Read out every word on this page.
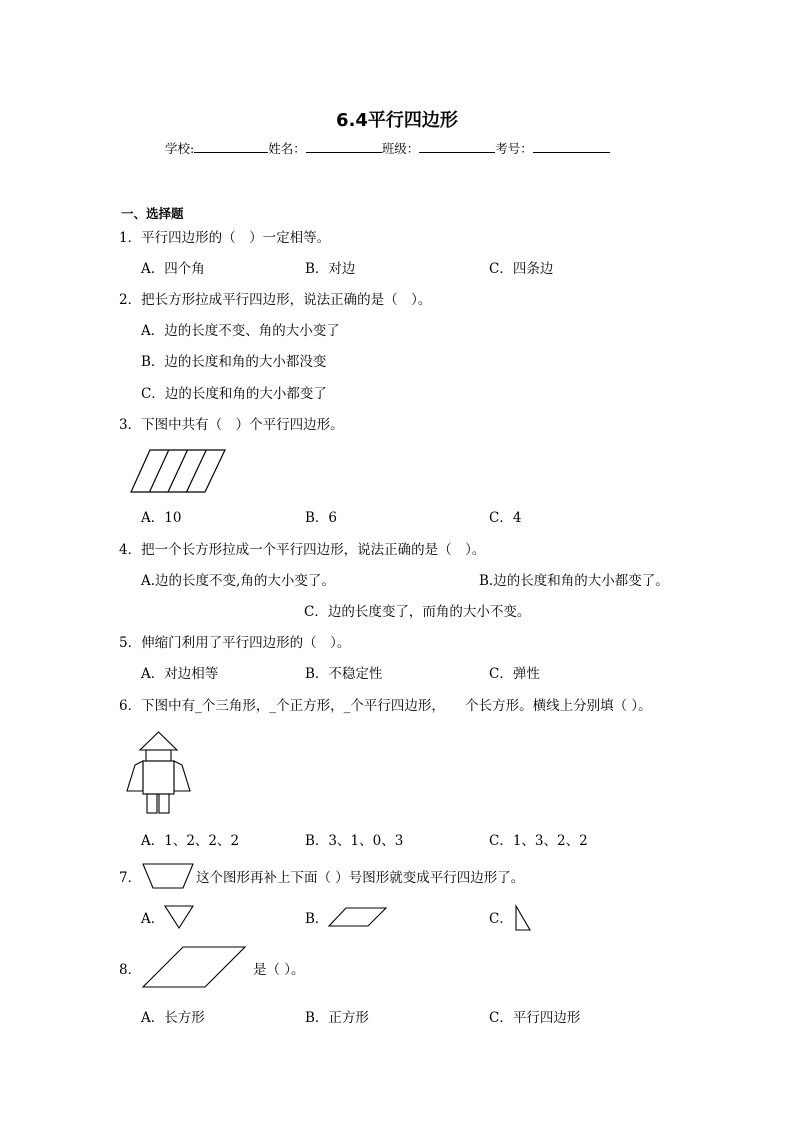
6.4平行四边形
学校:	姓名：	班级：	考号：
一、选择题
1．平行四边形的（　）一定相等。
A．四个角	B．对边	C．四条边
2．把长方形拉成平行四边形，说法正确的是（　）。
A．边的长度不变、角的大小变了
B．边的长度和角的大小都没变
C．边的长度和角的大小都变了
3．下图中共有（　）个平行四边形。
A．10	B．6	C．4
4．把一个长方形拉成一个平行四边形，说法正确的是（　）。
A.边的长度不变,角的大小变了。	B.边的长度和角的大小都变了。
C．边的长度变了，而角的大小不变。
5．伸缩门利用了平行四边形的（　）。
A．对边相等	B．不稳定性	C．弹性
6．下图中有_个三角形，_个正方形，_个平行四边形，　　个长方形。横线上分别填（ ）。
A．1、2、2、2	B．3、1、0、3	C．1、3、2、2
7．	这个图形再补上下面（ ）号图形就变成平行四边形了。
A．	B．	C．
8．	是（ ）。
A．长方形	B．正方形	C．平行四边形
